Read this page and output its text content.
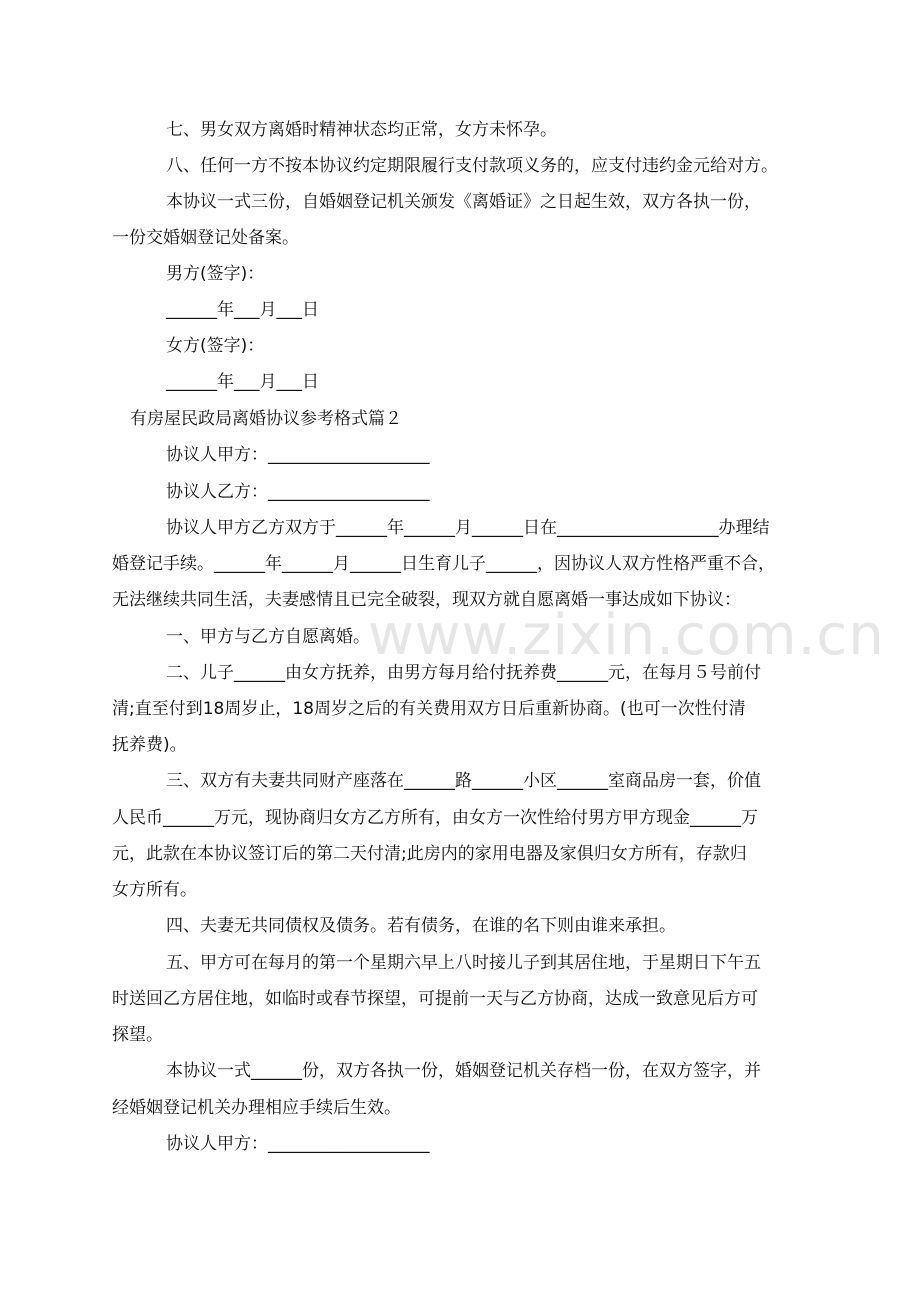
www.zixin.com.cn

七、男女双方离婚时精神状态均正常，女方未怀孕。

八、任何一方不按本协议约定期限履行支付款项义务的，应支付违约金元给对方。

本协议一式三份，自婚姻登记机关颁发《离婚证》之日起生效，双方各执一份，

一份交婚姻登记处备案。

男方(签字)：

______年___月___日

女方(签字)：

______年___月___日

有房屋民政局离婚协议参考格式篇２

协议人甲方：___________________

协议人乙方：___________________

协议人甲方乙方双方于______年______月______日在___________________办理结

婚登记手续。______年______月______日生育儿子______，因协议人双方性格严重不合，

无法继续共同生活，夫妻感情且已完全破裂，现双方就自愿离婚一事达成如下协议：

一、甲方与乙方自愿离婚。

二、儿子______由女方抚养，由男方每月给付抚养费______元，在每月５号前付

清;直至付到18周岁止，18周岁之后的有关费用双方日后重新协商。(也可一次性付清

抚养费)。

三、双方有夫妻共同财产座落在______路______小区______室商品房一套，价值

人民币______万元，现协商归女方乙方所有，由女方一次性给付男方甲方现金______万

元，此款在本协议签订后的第二天付清;此房内的家用电器及家俱归女方所有，存款归

女方所有。

四、夫妻无共同债权及债务。若有债务，在谁的名下则由谁来承担。

五、甲方可在每月的第一个星期六早上八时接儿子到其居住地，于星期日下午五

时送回乙方居住地，如临时或春节探望，可提前一天与乙方协商，达成一致意见后方可

探望。

本协议一式______份，双方各执一份，婚姻登记机关存档一份，在双方签字，并

经婚姻登记机关办理相应手续后生效。

协议人甲方：___________________
